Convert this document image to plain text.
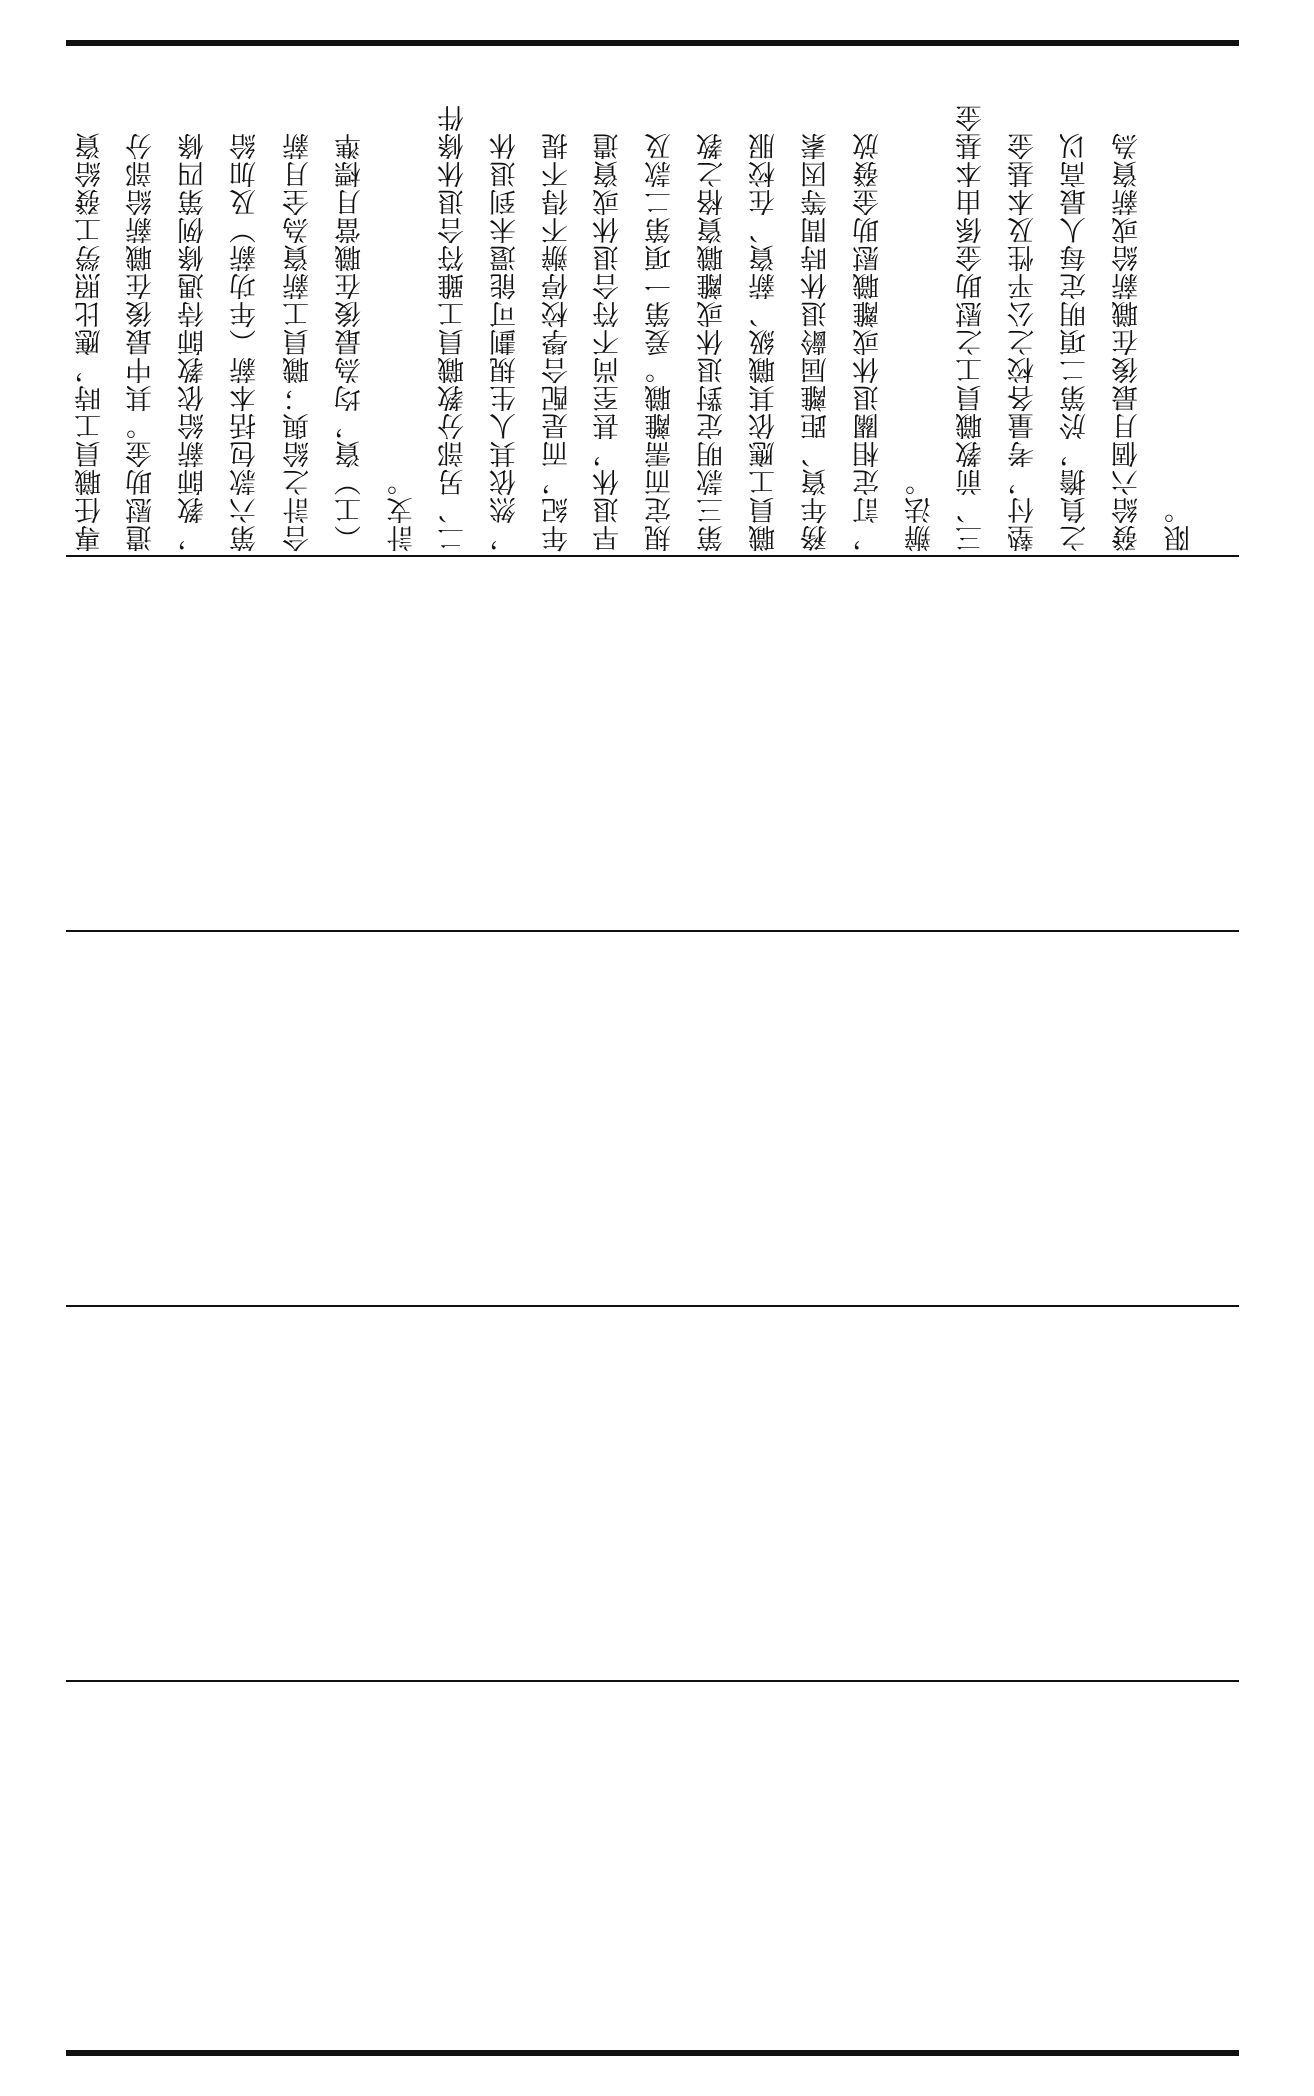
專任職員工時，應比照勞工發給資 遣慰助金。其中最後在職薪給部分 ，教師薪給依教師待遇條例第四條 第六款包括本薪（年功薪）及加給 合計之給與；職員工薪資為全月薪 （工）資，均為最後在職當月標準 計支。 二、另部分教職員工雖符合退休條件 ，然依其人生規劃可能還未到退休 年紀，而是配合學校停辦不得不提 早退休，甚至尚不符合退休或資遣 規定而需離職。爰第一項第二款及 第三款明定對退休或離職資格之教 職員工應依其職級、薪資、在校服 務年資、距離屆齡退休時間等因素 ，訂定相關退休或離職慰助金發放 辦法。 三、前教職員工之慰助金係由本基金 墊付，考量各校之公平性及本基金 之負擔，於第二項明定每人最高以 發給六個月最後在職薪給或薪資為 限。
